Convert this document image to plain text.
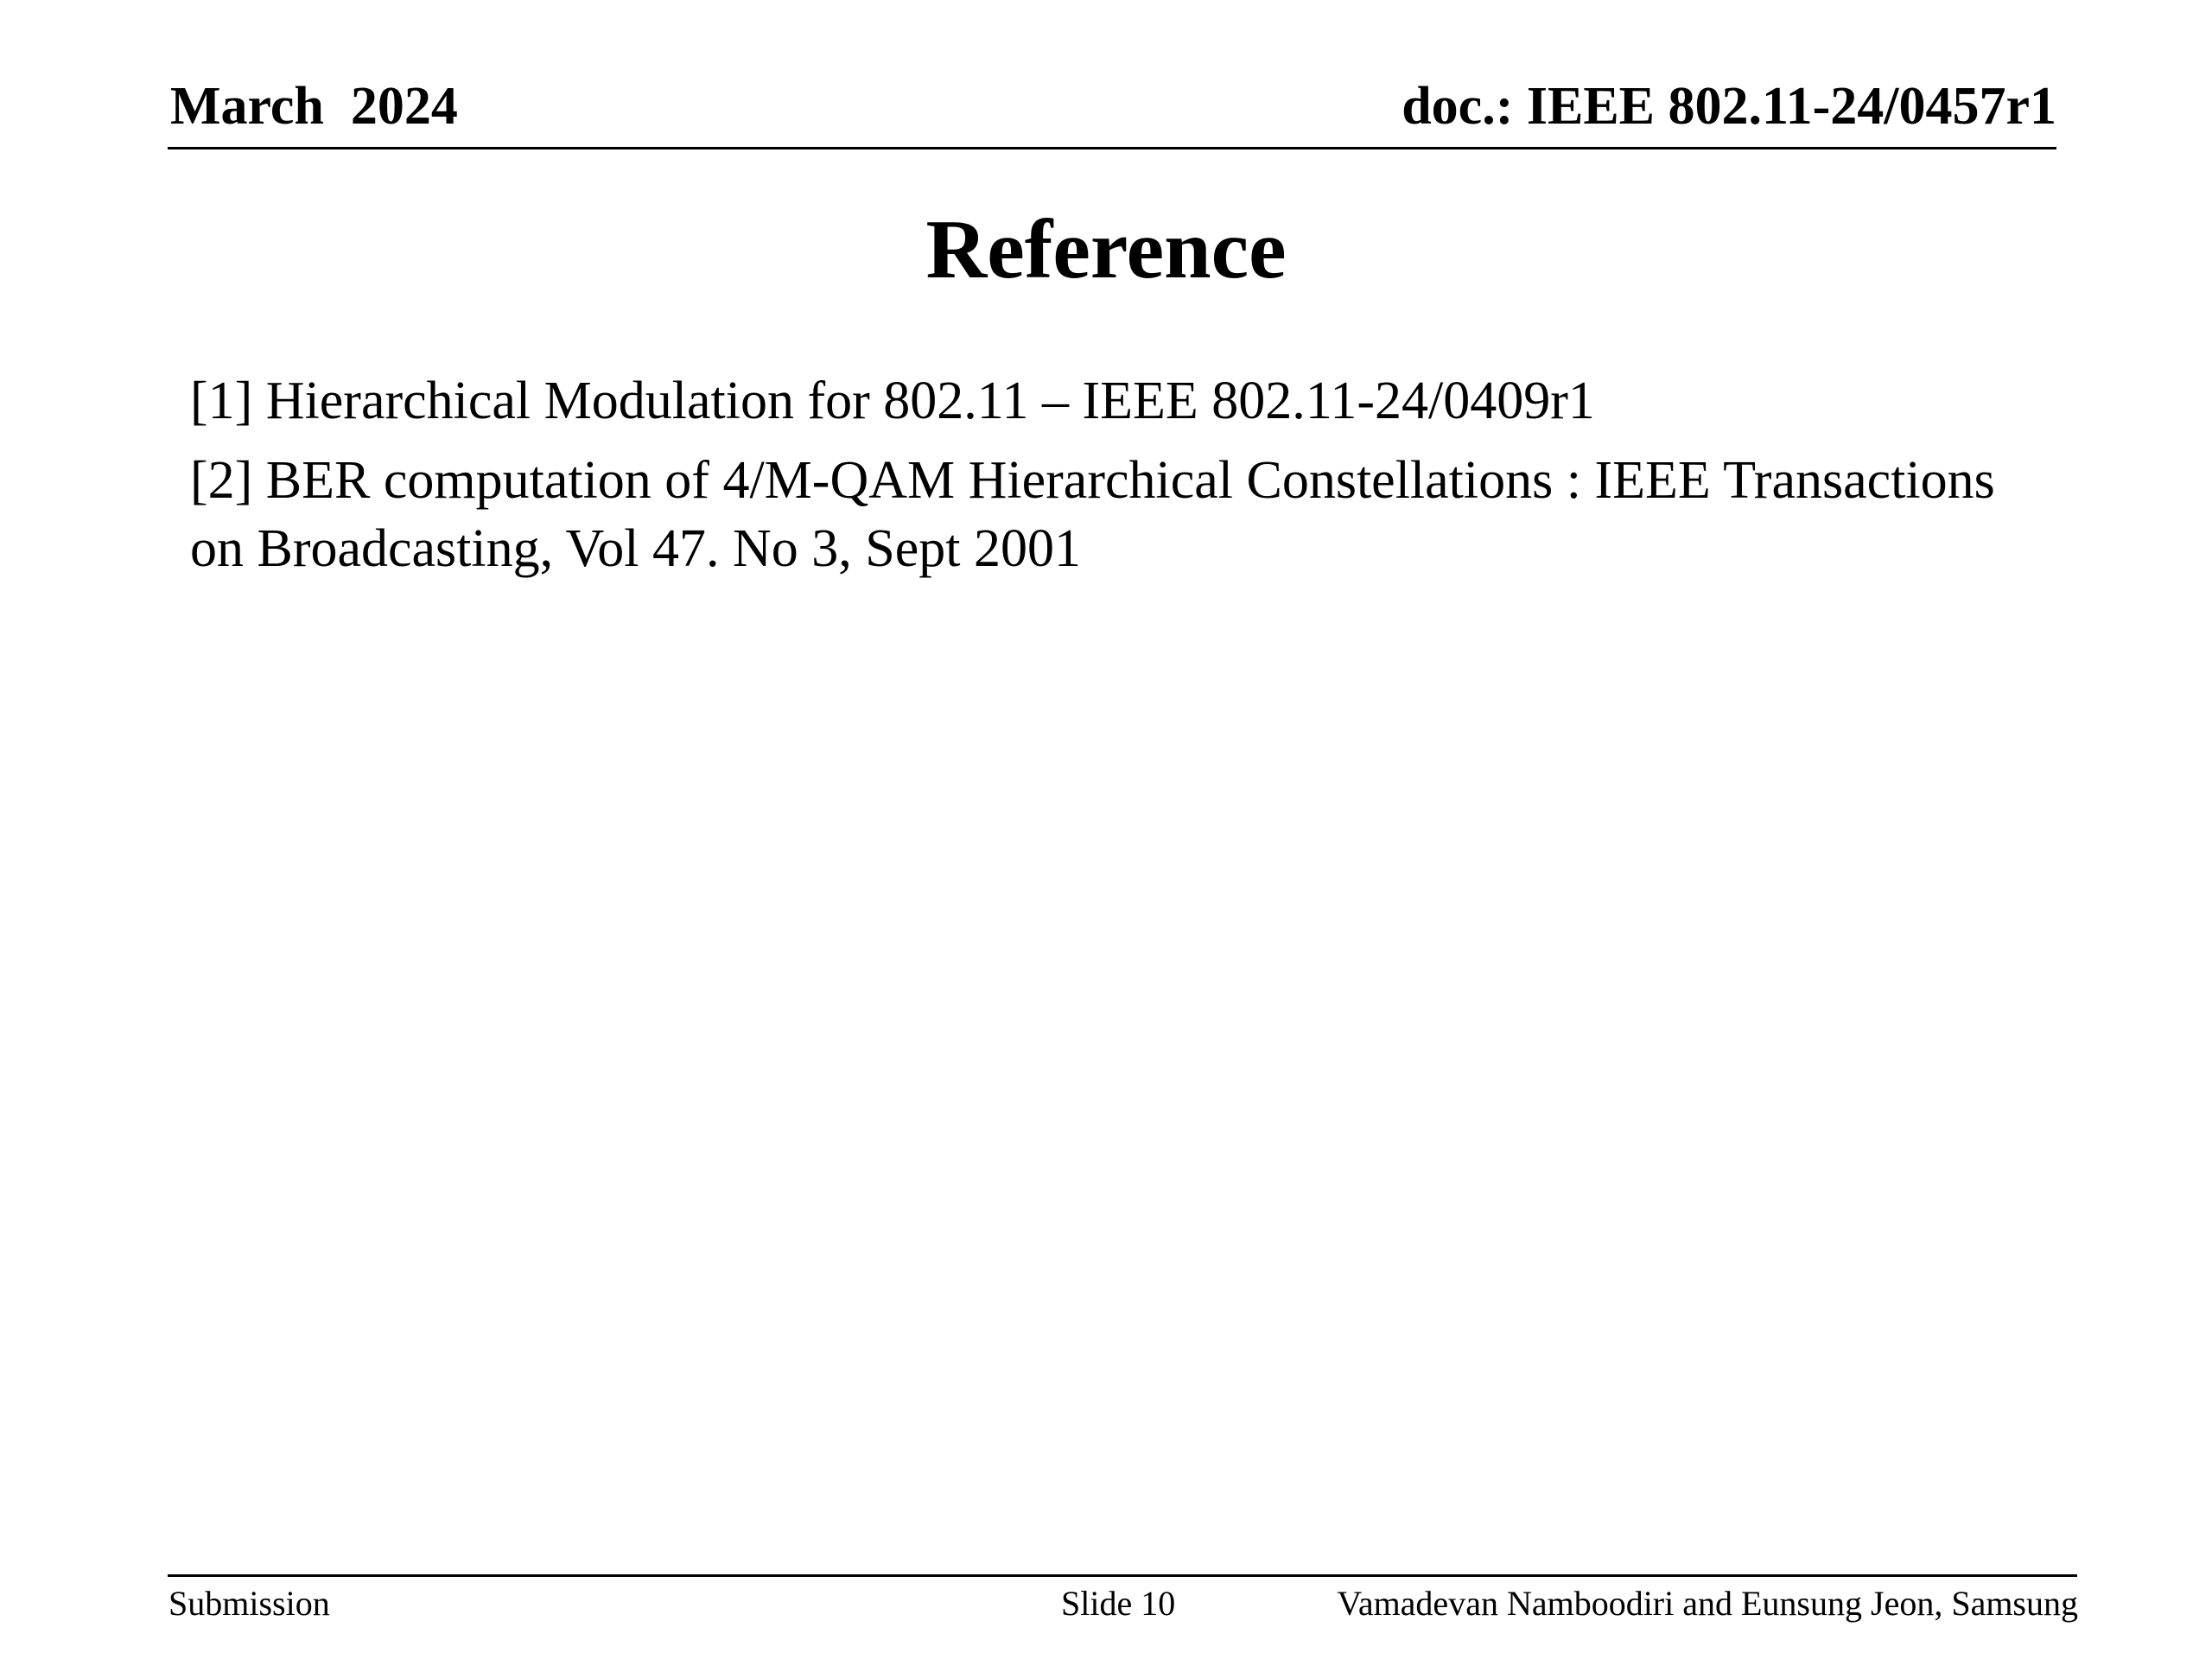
March  2024	doc.: IEEE 802.11-24/0457r1
Reference
[1] Hierarchical Modulation for 802.11 – IEEE 802.11-24/0409r1
[2] BER computation of 4/M-QAM Hierarchical Constellations : IEEE Transactions on Broadcasting, Vol 47. No 3, Sept 2001
Submission	Slide 10	Vamadevan Namboodiri and Eunsung Jeon, Samsung
